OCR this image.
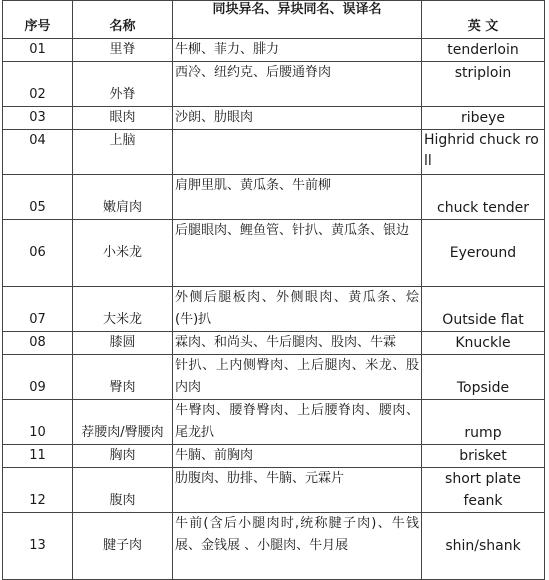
序号	名称	同块异名、异块同名、误译名	英 文
01	里脊	牛柳、菲力、腓力	tenderloin
02	外脊	西冷、纽约克、后腰通脊肉	striploin
03	眼肉	沙朗、肋眼肉	ribeye
04	上脑		Highrid chuck roll
05	嫩肩肉	肩胛里肌、黄瓜条、牛前柳	chuck tender
06	小米龙	后腿眼肉、鲤鱼管、针扒、黄瓜条、银边	Eyeround
07	大米龙	外侧后腿板肉、外侧眼肉、黄瓜条、烩(牛)扒	Outside flat
08	膝圆	霖肉、和尚头、牛后腿肉、股肉、牛霖	Knuckle
09	臀肉	针扒、上内侧臀肉、上后腿肉、米龙、股内肉	Topside
10	荐腰肉/臀腰肉	牛臀肉、腰脊臀肉、上后腰脊肉、腰肉、尾龙扒	rump
11	胸肉	牛腩、前胸肉	brisket
12	腹肉	肋腹肉、肋排、牛腩、元霖片	short plate feank
13	腱子肉	牛前(含后小腿肉时,统称腱子肉)、牛钱展、金钱展 、小腿肉、牛月展	shin/shank
